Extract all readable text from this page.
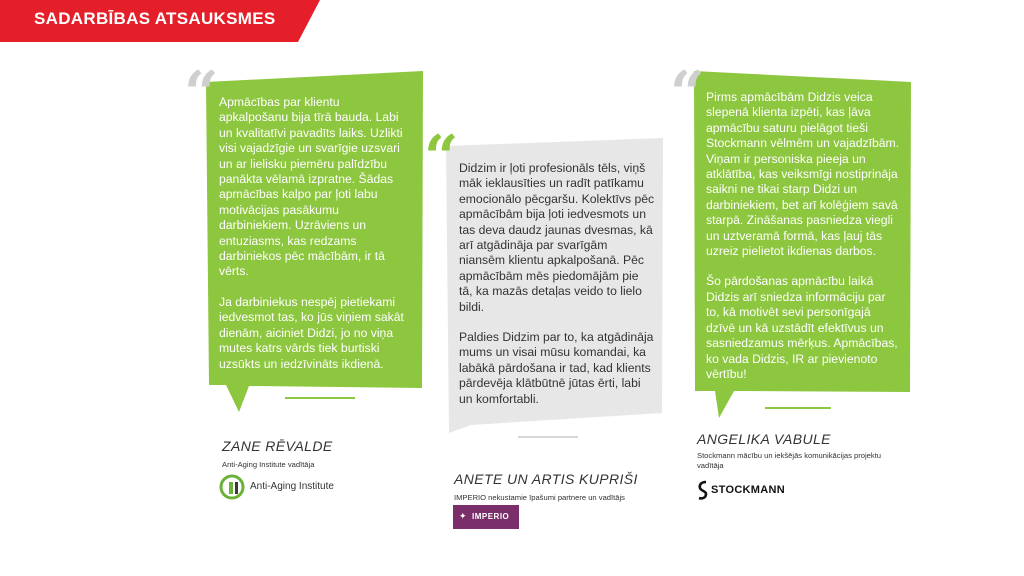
SADARBĪBAS ATSAUKSMES
“ Apmācības par klientu apkalpošanu bija tīrā bauda. Labi un kvalitatīvi pavadīts laiks. Uzlikti visi vajadzīgie un svarīgie uzsvari un ar lielisku piemēru palīdzību panākta vēlamā izpratne. Šādas apmācības kalpo par ļoti labu motivācijas pasākumu darbiniekiem. Uzrāviens un entuziasms, kas redzams darbiniekos pēc mācībām, ir tā vērts.

Ja darbiniekus nespēj pietiekami iedvesmot tas, ko jūs viņiem sakāt dienām, aiciniet Didzi, jo no viņa mutes katrs vārds tiek burtiski uzsūkts un iedzīvināts ikdienā.

ZANE RĒVALDE
Anti-Aging Institute vadītāja
Anti-Aging Institute
“ Didzim ir ļoti profesionāls tēls, viņš māk ieklausīties un radīt patīkamu emocionālo pēcgaršu. Kolektīvs pēc apmācībām bija ļoti iedvesmots un tas deva daudz jaunas dvesmas, kā arī atgādināja par svarīgām niansēm klientu apkalpošanā. Pēc apmācībām mēs piedomājām pie tā, ka mazās detaļas veido to lielo bildi.

Paldies Didzim par to, ka atgādināja mums un visai mūsu komandai, ka labākā pārdošana ir tad, kad klients pārdevēja klātbūtnē jūtas ērti, labi un komfortabli.

ANETE UN ARTIS KUPRIŠI
IMPERIO nekustamie īpašumi partnere un vadītājs
✦ IMPERIO
“ Pirms apmācībām Didzis veica slepenā klienta izpēti, kas ļāva apmācību saturu pielāgot tieši Stockmann vēlmēm un vajadzībām. Viņam ir personiska pieeja un atklātība, kas veiksmīgi nostiprināja saikni ne tikai starp Didzi un darbiniekiem, bet arī kolēģiem savā starpā. Zināšanas pasniedza viegli un uztveramā formā, kas ļauj tās uzreiz pielietot ikdienas darbos.

Šo pārdošanas apmācību laikā Didzis arī sniedza informāciju par to, kā motivēt sevi personīgajā dzīvē un kā uzstādīt efektīvus un sasniedzamus mērķus. Apmācības, ko vada Didzis, IR ar pievienoto vērtību!

ANGELIKA VABULE
Stockmann mācību un iekšējās komunikācijas projektu vadītāja
STOCKMANN
